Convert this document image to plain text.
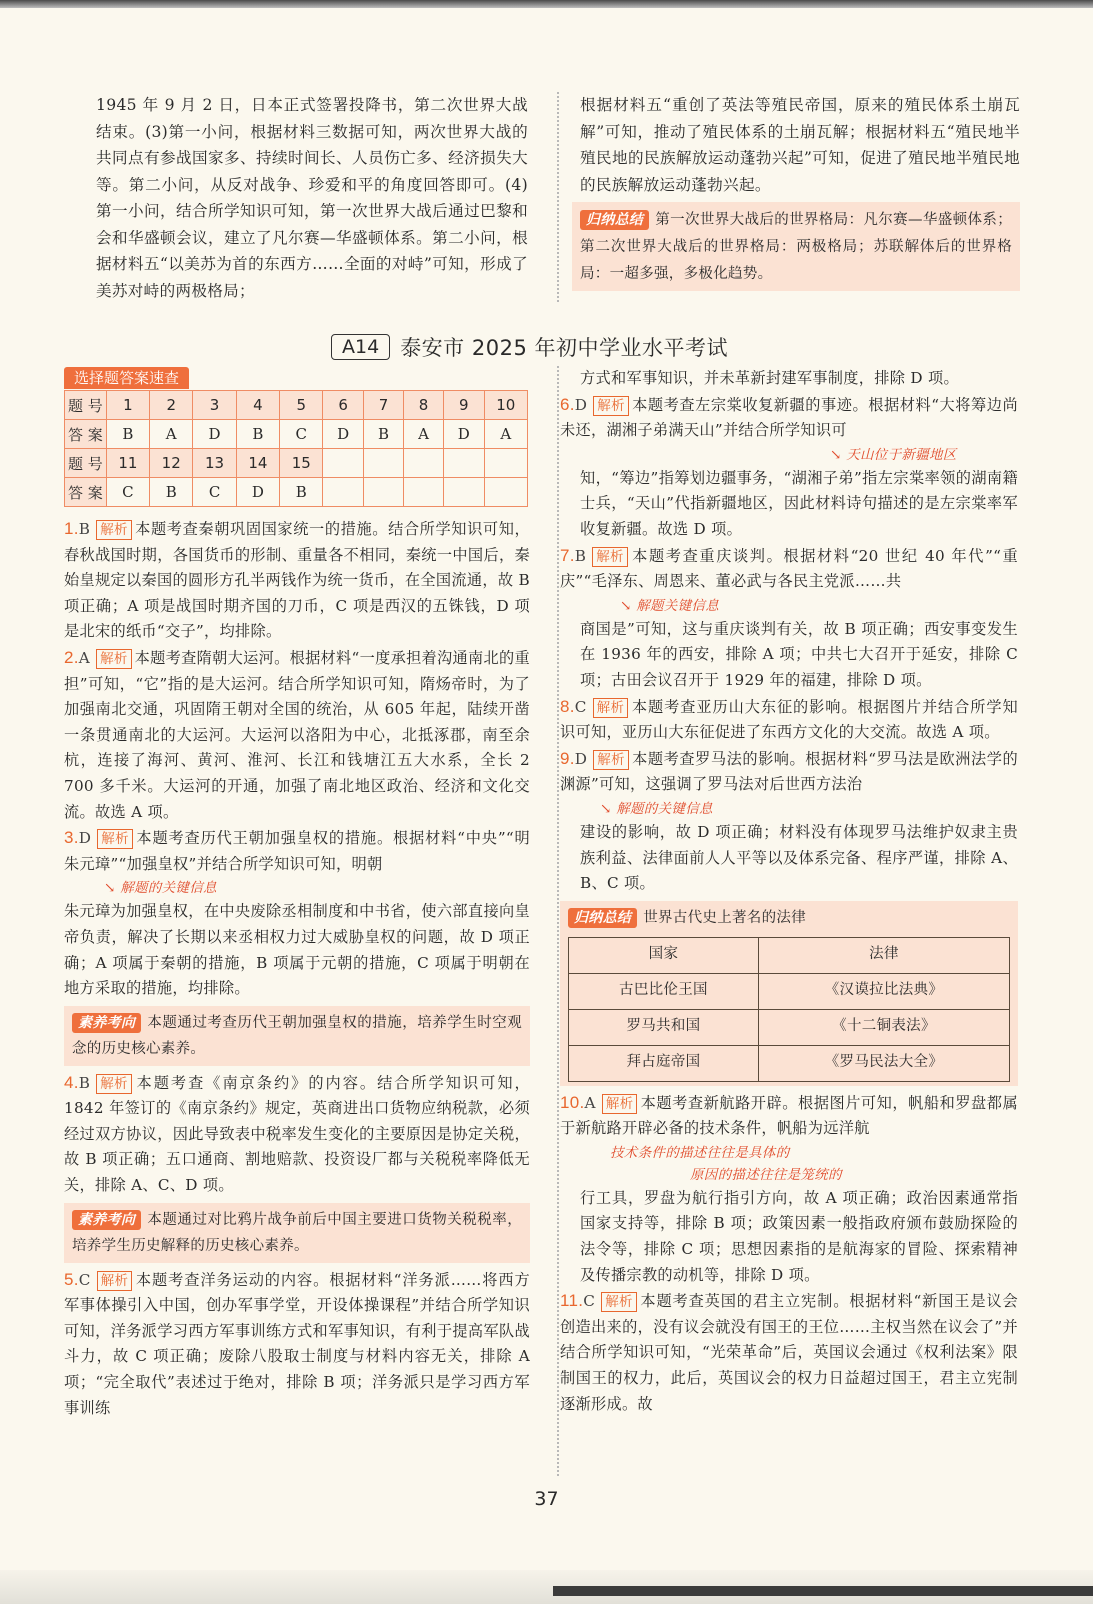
1945 年 9 月 2 日，日本正式签署投降书，第二次世界大战结束。(3)第一小问，根据材料三数据可知，两次世界大战的共同点有参战国家多、持续时间长、人员伤亡多、经济损失大等。第二小问，从反对战争、珍爱和平的角度回答即可。(4)第一小问，结合所学知识可知，第一次世界大战后通过巴黎和会和华盛顿会议，建立了凡尔赛—华盛顿体系。第二小问，根据材料五“以美苏为首的东西方……全面的对峙”可知，形成了美苏对峙的两极格局；

根据材料五“重创了英法等殖民帝国，原来的殖民体系土崩瓦解”可知，推动了殖民体系的土崩瓦解；根据材料五“殖民地半殖民地的民族解放运动蓬勃兴起”可知，促进了殖民地半殖民地的民族解放运动蓬勃兴起。

归纳总结 第一次世界大战后的世界格局：凡尔赛—华盛顿体系；第二次世界大战后的世界格局：两极格局；苏联解体后的世界格局：一超多强，多极化趋势。
A14	泰安市 2025 年初中学业水平考试
选择题答案速查
题 号	1	2	3	4	5	6	7	8	9	10
答 案	B	A	D	B	C	D	B	A	D	A
题 号	11	12	13	14	15					
答 案	C	B	C	D	B					

1.B 解析 本题考查秦朝巩固国家统一的措施。结合所学知识可知，春秋战国时期，各国货币的形制、重量各不相同，秦统一中国后，秦始皇规定以秦国的圆形方孔半两钱作为统一货币，在全国流通，故 B 项正确；A 项是战国时期齐国的刀币，C 项是西汉的五铢钱，D 项是北宋的纸币“交子”，均排除。

2.A 解析 本题考查隋朝大运河。根据材料“一度承担着沟通南北的重担”可知，“它”指的是大运河。结合所学知识可知，隋炀帝时，为了加强南北交通，巩固隋王朝对全国的统治，从 605 年起，陆续开凿一条贯通南北的大运河。大运河以洛阳为中心，北抵涿郡，南至余杭，连接了海河、黄河、淮河、长江和钱塘江五大水系，全长 2 700 多千米。大运河的开通，加强了南北地区政治、经济和文化交流。故选 A 项。

3.D 解析 本题考查历代王朝加强皇权的措施。根据材料“中央”“明朱元璋”“加强皇权”并结合所学知识可知，明朝

↘ 解题的关键信息

朱元璋为加强皇权，在中央废除丞相制度和中书省，使六部直接向皇帝负责，解决了长期以来丞相权力过大威胁皇权的问题，故 D 项正确；A 项属于秦朝的措施，B 项属于元朝的措施，C 项属于明朝在地方采取的措施，均排除。

素养考向 本题通过考查历代王朝加强皇权的措施，培养学生时空观念的历史核心素养。

4.B 解析 本题考查《南京条约》的内容。结合所学知识可知，1842 年签订的《南京条约》规定，英商进出口货物应纳税款，必须经过双方协议，因此导致表中税率发生变化的主要原因是协定关税，故 B 项正确；五口通商、割地赔款、投资设厂都与关税税率降低无关，排除 A、C、D 项。

素养考向 本题通过对比鸦片战争前后中国主要进口货物关税税率，培养学生历史解释的历史核心素养。

5.C 解析 本题考查洋务运动的内容。根据材料“洋务派……将西方军事体操引入中国，创办军事学堂，开设体操课程”并结合所学知识可知，洋务派学习西方军事训练方式和军事知识，有利于提高军队战斗力，故 C 项正确；废除八股取士制度与材料内容无关，排除 A 项；“完全取代”表述过于绝对，排除 B 项；洋务派只是学习西方军事训练

方式和军事知识，并未革新封建军事制度，排除 D 项。

6.D 解析 本题考查左宗棠收复新疆的事迹。根据材料“大将筹边尚未还，湖湘子弟满天山”并结合所学知识可

↘ 天山位于新疆地区

知，“筹边”指筹划边疆事务，“湖湘子弟”指左宗棠率领的湖南籍士兵，“天山”代指新疆地区，因此材料诗句描述的是左宗棠率军收复新疆。故选 D 项。

7.B 解析 本题考查重庆谈判。根据材料“20 世纪 40 年代”“重庆”“毛泽东、周恩来、董必武与各民主党派……共

↘ 解题关键信息

商国是”可知，这与重庆谈判有关，故 B 项正确；西安事变发生在 1936 年的西安，排除 A 项；中共七大召开于延安，排除 C 项；古田会议召开于 1929 年的福建，排除 D 项。

8.C 解析 本题考查亚历山大东征的影响。根据图片并结合所学知识可知，亚历山大东征促进了东西方文化的大交流。故选 A 项。

9.D 解析 本题考查罗马法的影响。根据材料“罗马法是欧洲法学的渊源”可知，这强调了罗马法对后世西方法治

↘ 解题的关键信息

建设的影响，故 D 项正确；材料没有体现罗马法维护奴隶主贵族利益、法律面前人人平等以及体系完备、程序严谨，排除 A、B、C 项。

归纳总结 世界古代史上著名的法律
国家	法律
古巴比伦王国	《汉谟拉比法典》
罗马共和国	《十二铜表法》
拜占庭帝国	《罗马民法大全》

10.A 解析 本题考查新航路开辟。根据图片可知，帆船和罗盘都属于新航路开辟必备的技术条件，帆船为远洋航

技术条件的描述往往是具体的
原因的描述往往是笼统的

行工具，罗盘为航行指引方向，故 A 项正确；政治因素通常指国家支持等，排除 B 项；政策因素一般指政府颁布鼓励探险的法令等，排除 C 项；思想因素指的是航海家的冒险、探索精神及传播宗教的动机等，排除 D 项。

11.C 解析 本题考查英国的君主立宪制。根据材料“新国王是议会创造出来的，没有议会就没有国王的王位……主权当然在议会了”并结合所学知识可知，“光荣革命”后，英国议会通过《权利法案》限制国王的权力，此后，英国议会的权力日益超过国王，君主立宪制逐渐形成。故

37
